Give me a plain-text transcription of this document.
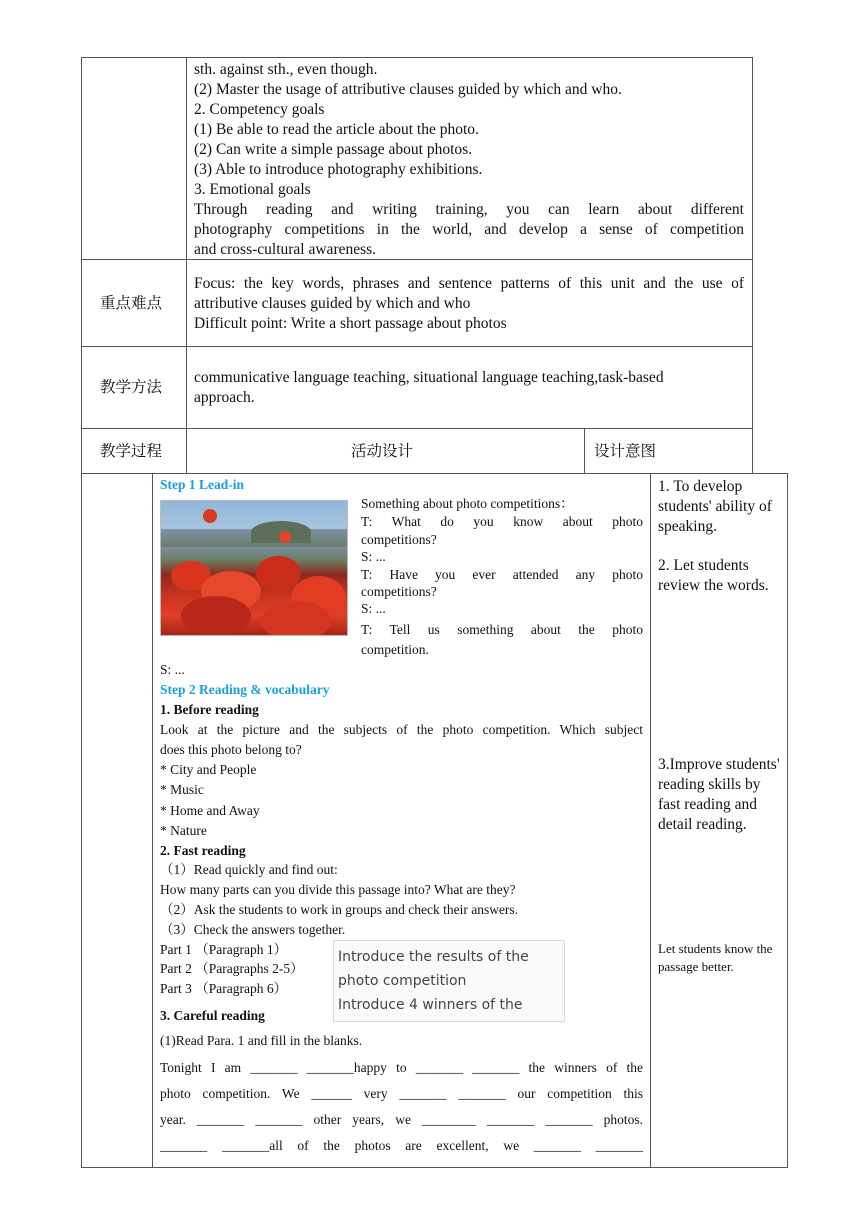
sth. against sth., even though.
(2) Master the usage of attributive clauses guided by which and who.
2. Competency goals
(1) Be able to read the article about the photo.
(2) Can write a simple passage about photos.
(3) Able to introduce photography exhibitions.
3. Emotional goals
Through reading and writing training, you can learn about different
photography competitions in the world, and develop a sense of competition
and cross-cultural awareness.
重点难点
Focus: the key words, phrases and sentence patterns of this unit and the use of
attributive clauses guided by which and who
Difficult point: Write a short passage about photos
教学方法
communicative language teaching, situational language teaching,task-based
approach.
教学过程	活动设计	设计意图
Step 1 Lead-in
Something about photo competitions：
T: What do you know about photo
competitions?
S: ...
T: Have you ever attended any photo
competitions?
S: ...
T: Tell us something about the photo
competition.
S: ...
Step 2 Reading & vocabulary
1. Before reading
Look at the picture and the subjects of the photo competition. Which subject
does this photo belong to?
* City and People
* Music
* Home and Away
* Nature
2. Fast reading
（1）Read quickly and find out:
How many parts can you divide this passage into? What are they?
（2）Ask the students to work in groups and check their answers.
（3）Check the answers together.
Part 1 （Paragraph 1）
Part 2 （Paragraphs 2-5）
Part 3 （Paragraph 6）
Introduce the results of the
photo competition
Introduce 4 winners of the
3. Careful reading
(1)Read Para. 1 and fill in the blanks.
Tonight I am _______ _______happy to _______ _______ the winners of the
photo competition. We ______ very _______ _______ our competition this
year. _______ _______ other years, we ________ _______ _______ photos.
_______ _______all of the photos are excellent, we _______ _______
1. To develop students' ability of speaking.
2. Let students review the words.
3.Improve students' reading skills by fast reading and detail reading.
Let students know the passage better.
